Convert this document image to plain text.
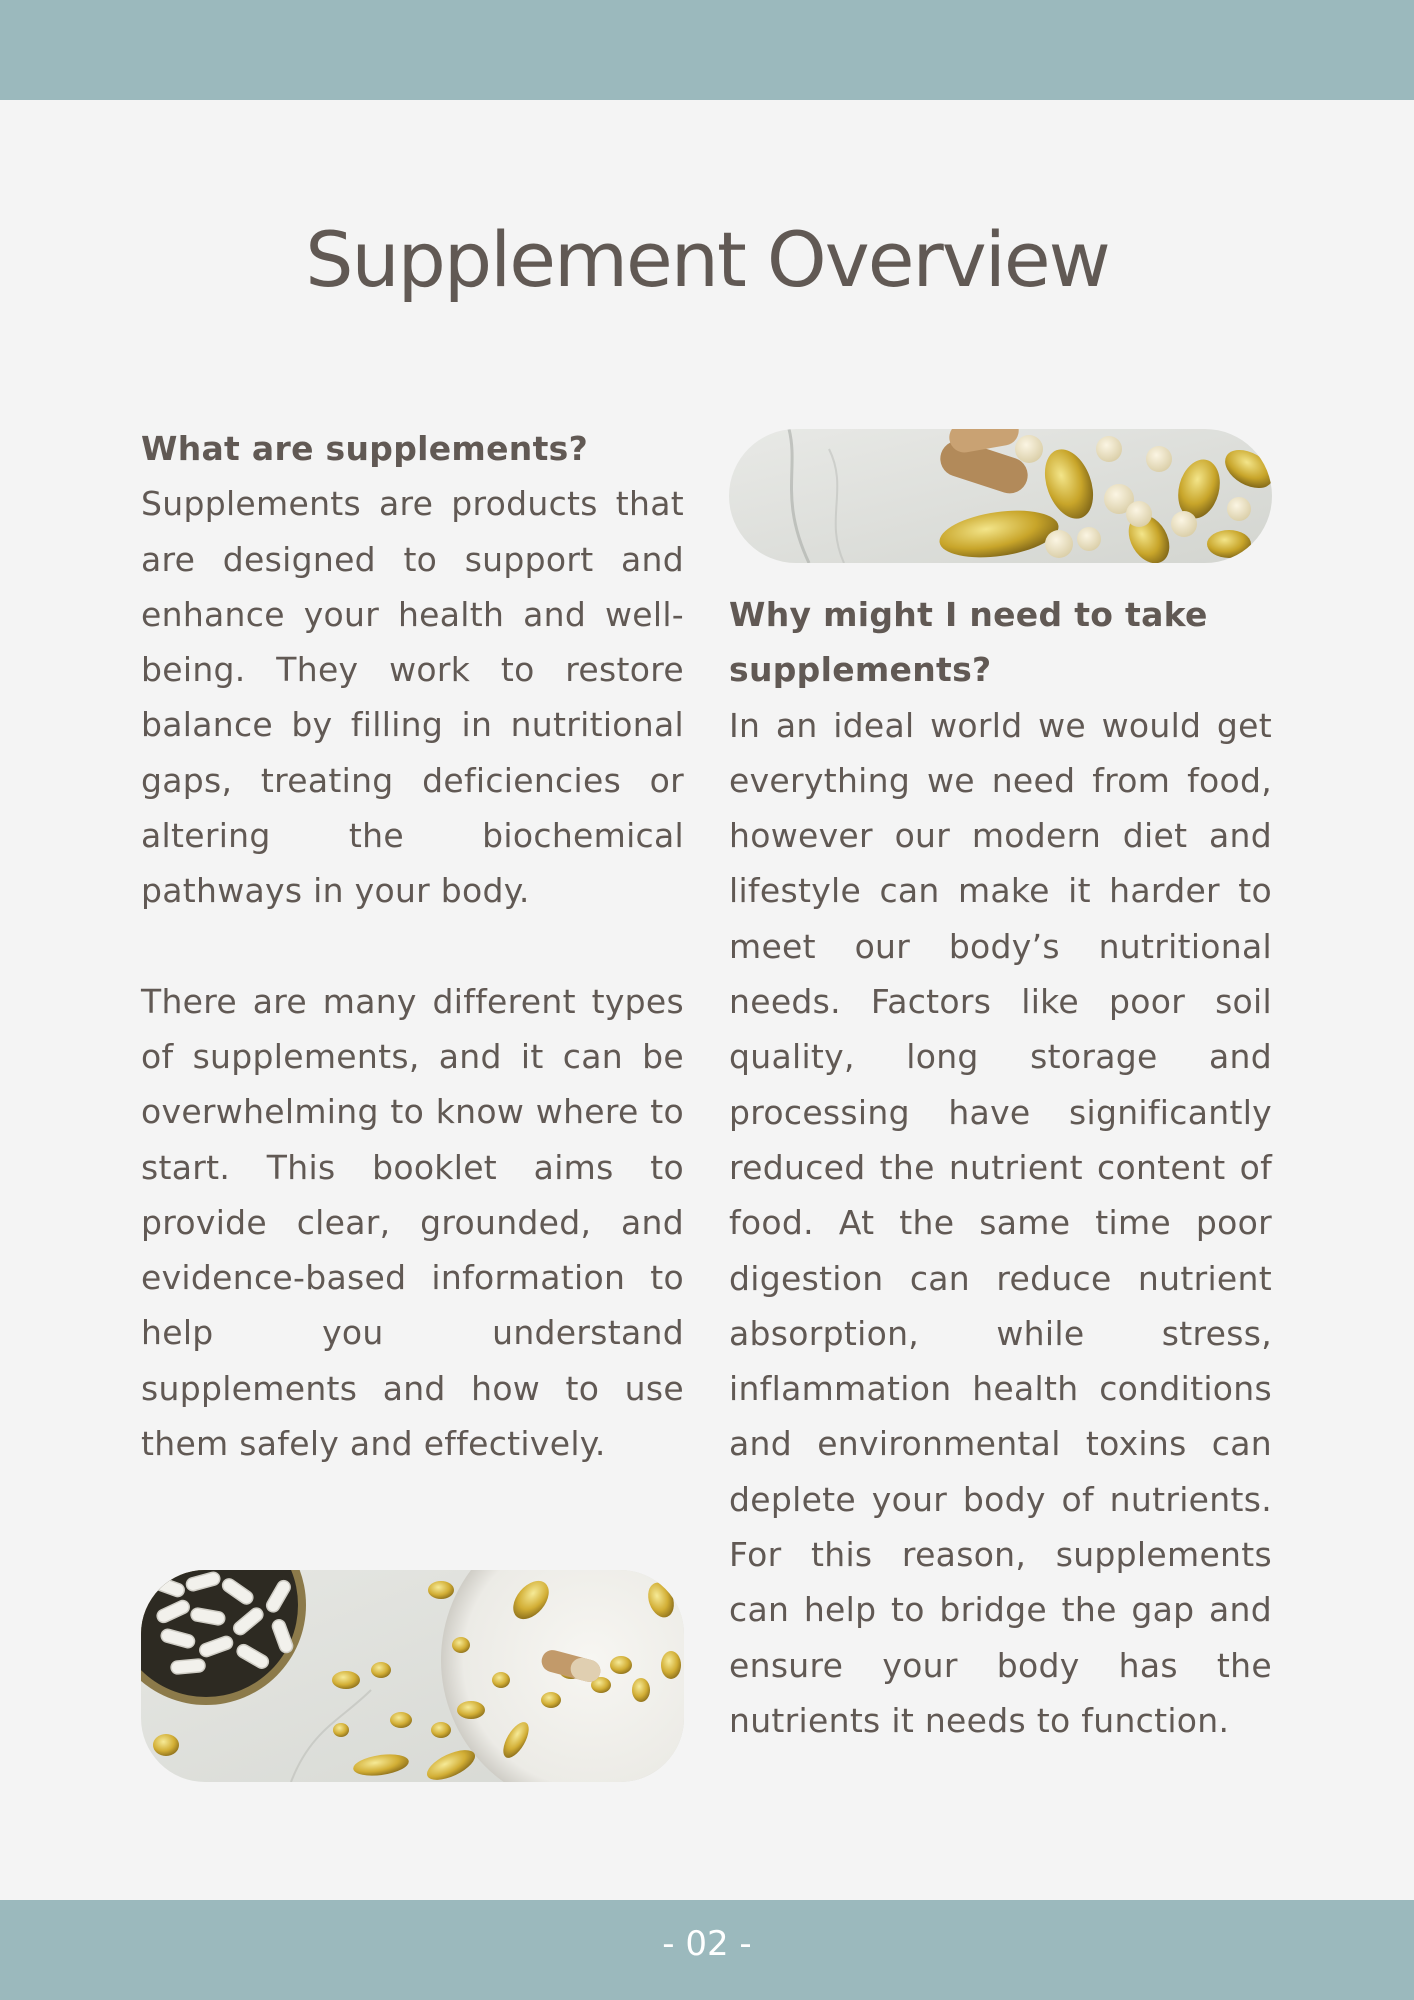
Supplement Overview
What are supplements?

Supplements are products that are designed to support and enhance your health and well-being. They work to restore balance by filling in nutritional gaps, treating deficiencies or altering the biochemical pathways in your body.

There are many different types of supplements, and it can be overwhelming to know where to start. This booklet aims to provide clear, grounded, and evidence-based information to help you understand supplements and how to use them safely and effectively.

Why might I need to take supplements?

In an ideal world we would get everything we need from food, however our modern diet and lifestyle can make it harder to meet our body’s nutritional needs. Factors like poor soil quality, long storage and processing have significantly reduced the nutrient content of food. At the same time poor digestion can reduce nutrient absorption, while stress, inflammation health conditions and environmental toxins can deplete your body of nutrients. For this reason, supplements can help to bridge the gap and ensure your body has the nutrients it needs to function.

- 02 -
